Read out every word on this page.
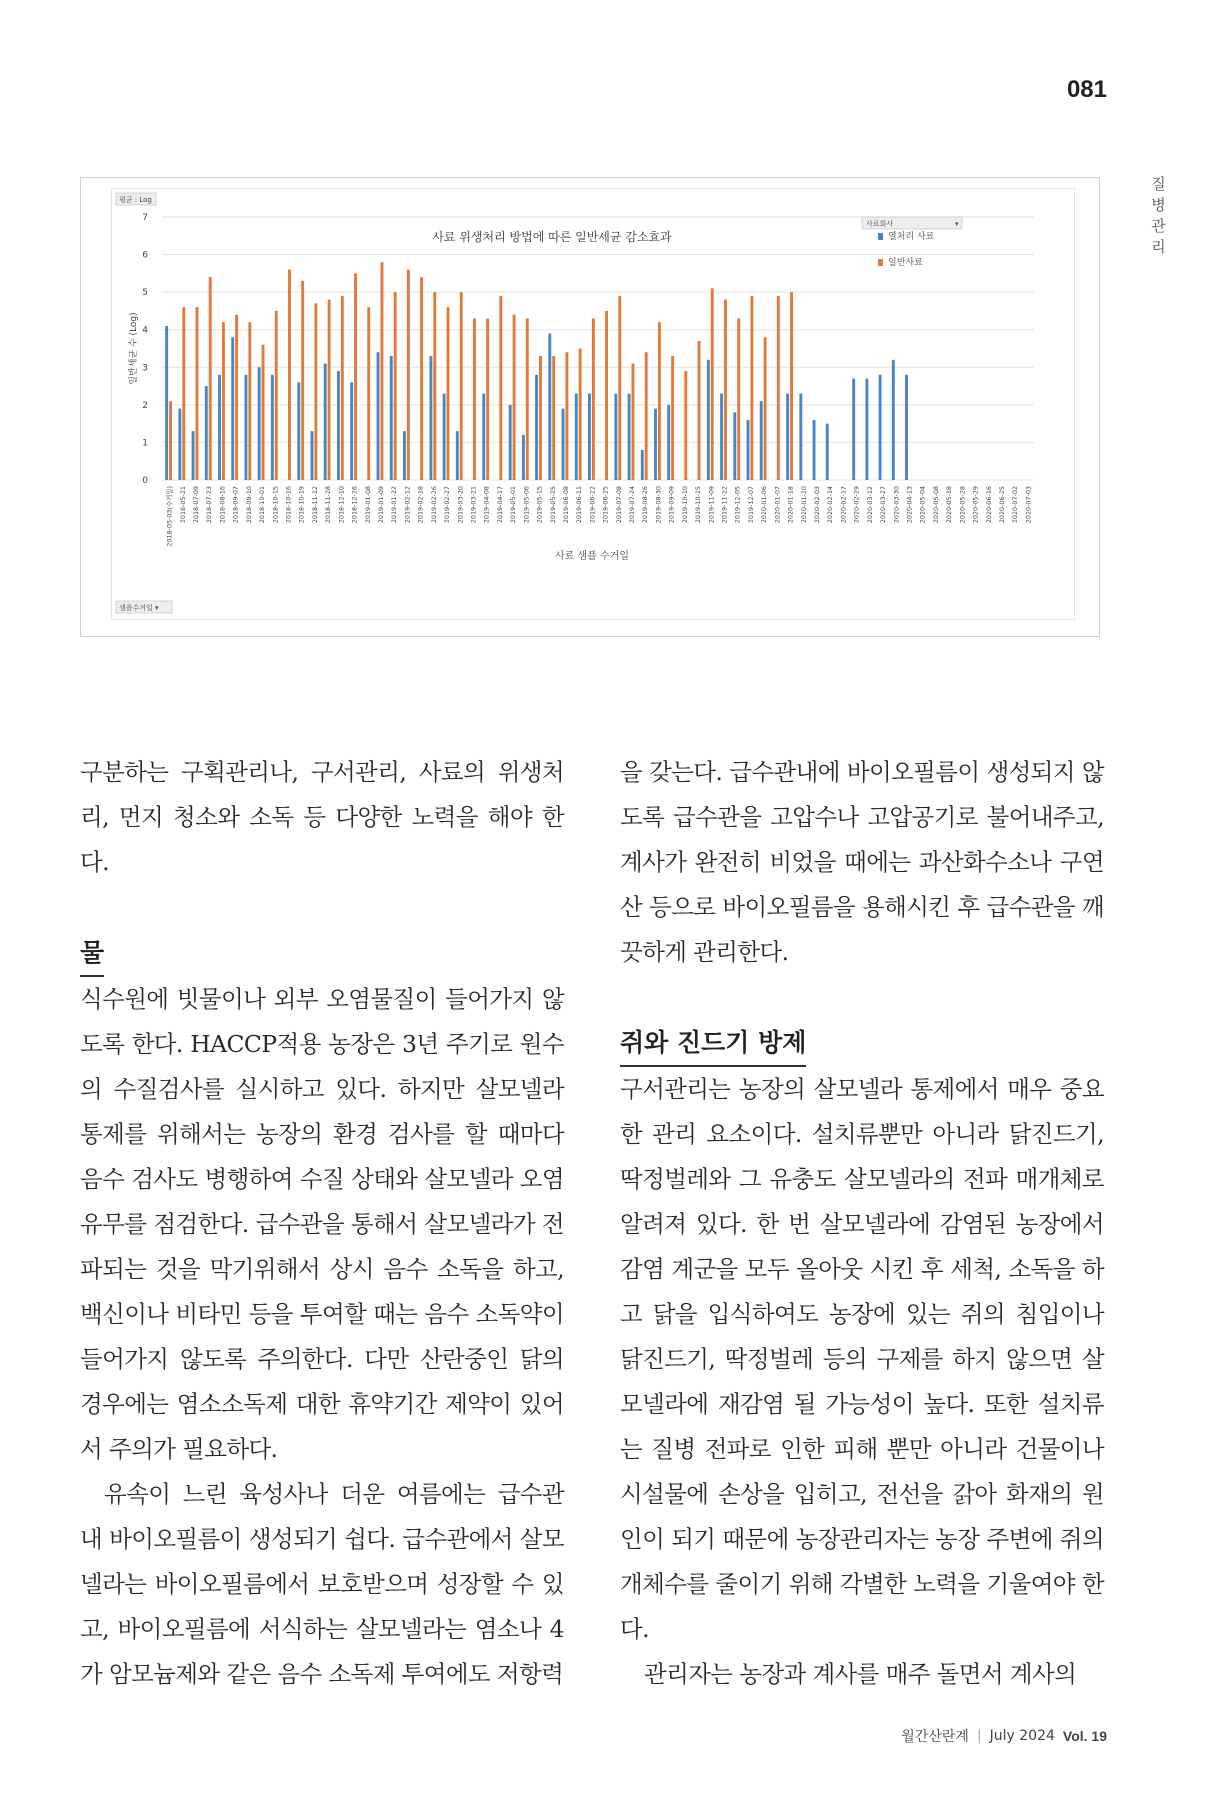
081
질병관리
0
1
2
3
4
5
6
7
평균 : Log
샘플수거일 ▾
사료 위생처리 방법에 따른 일반세균 감소효과
사료회사	▾
열처리 사료
일반사료
일반세균 수 (Log)
2018-05-03(수거일) 2018-05-21 2018-07-09 2018-07-23 2018-08-16 2018-09-07 2018-09-10 2018-10-01 2018-10-15 2018-10-16 2018-10-19 2018-11-12 2018-11-28 2018-12-10 2018-12-26 2019-01-08 2019-01-09 2019-01-22 2019-02-12 2019-02-18 2019-02-26 2019-02-27 2019-03-20 2019-03-21 2019-04-08 2019-04-17 2019-05-01 2019-05-06 2019-05-15 2019-05-25 2019-06-08 2019-06-11 2019-06-22 2019-06-25 2019-07-08 2019-07-24 2019-08-26 2019-08-30 2019-09-09 2019-10-10 2019-10-15 2019-11-09 2019-11-22 2019-12-05 2019-12-07 2020-01-06 2020-01-07 2020-01-18 2020-01-20 2020-02-03 2020-02-14 2020-02-17 2020-02-29 2020-03-12 2020-03-27 2020-03-30 2020-04-13 2020-05-04 2020-05-08 2020-05-18 2020-05-28 2020-05-29 2020-06-16 2020-06-25 2020-07-02 2020-07-03
사료 샘플 수거일

구분하는 구획관리나, 구서관리, 사료의 위생처리, 먼지 청소와 소독 등 다양한 노력을 해야 한다.

물

식수원에 빗물이나 외부 오염물질이 들어가지 않도록 한다. HACCP적용 농장은 3년 주기로 원수의 수질검사를 실시하고 있다. 하지만 살모넬라 통제를 위해서는 농장의 환경 검사를 할 때마다 음수 검사도 병행하여 수질 상태와 살모넬라 오염 유무를 점검한다. 급수관을 통해서 살모넬라가 전파되는 것을 막기위해서 상시 음수 소독을 하고, 백신이나 비타민 등을 투여할 때는 음수 소독약이 들어가지 않도록 주의한다. 다만 산란중인 닭의 경우에는 염소소독제 대한 휴약기간 제약이 있어서 주의가 필요하다.

유속이 느린 육성사나 더운 여름에는 급수관 내 바이오필름이 생성되기 쉽다. 급수관에서 살모넬라는 바이오필름에서 보호받으며 성장할 수 있고, 바이오필름에 서식하는 살모넬라는 염소나 4가 암모늄제와 같은 음수 소독제 투여에도 저항력

을 갖는다. 급수관내에 바이오필름이 생성되지 않도록 급수관을 고압수나 고압공기로 불어내주고, 계사가 완전히 비었을 때에는 과산화수소나 구연산 등으로 바이오필름을 용해시킨 후 급수관을 깨끗하게 관리한다.

쥐와 진드기 방제

구서관리는 농장의 살모넬라 통제에서 매우 중요한 관리 요소이다. 설치류뿐만 아니라 닭진드기, 딱정벌레와 그 유충도 살모넬라의 전파 매개체로 알려져 있다. 한 번 살모넬라에 감염된 농장에서 감염 계군을 모두 올아웃 시킨 후 세척, 소독을 하고 닭을 입식하여도 농장에 있는 쥐의 침입이나 닭진드기, 딱정벌레 등의 구제를 하지 않으면 살모넬라에 재감염 될 가능성이 높다. 또한 설치류는 질병 전파로 인한 피해 뿐만 아니라 건물이나 시설물에 손상을 입히고, 전선을 갉아 화재의 원인이 되기 때문에 농장관리자는 농장 주변에 쥐의 개체수를 줄이기 위해 각별한 노력을 기울여야 한다.

관리자는 농장과 계사를 매주 돌면서 계사의

월간산란계 | July 2024 Vol. 19
